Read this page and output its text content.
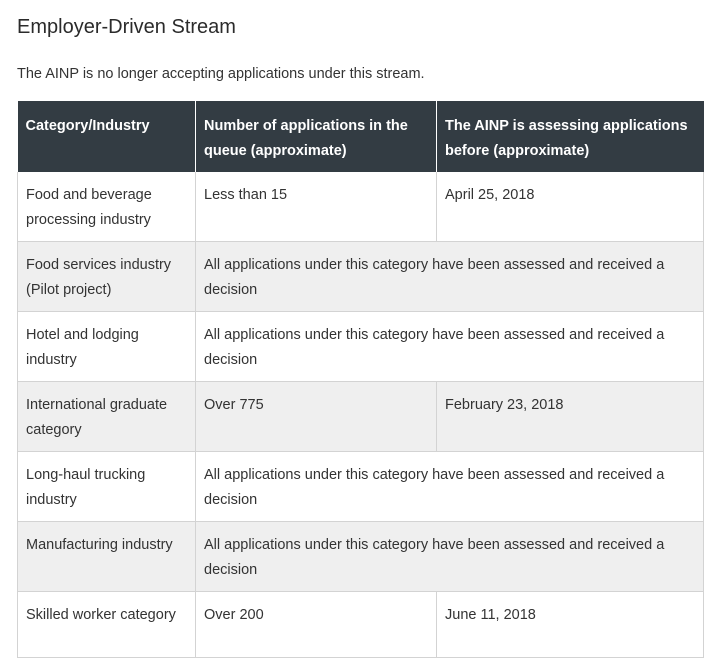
Employer-Driven Stream

The AINP is no longer accepting applications under this stream.

Category/Industry	Number of applications in the queue (approximate)	The AINP is assessing applications before (approximate)
Food and beverage processing industry	Less than 15	April 25, 2018
Food services industry (Pilot project)	All applications under this category have been assessed and received a decision	
Hotel and lodging industry	All applications under this category have been assessed and received a decision	
International graduate category	Over 775	February 23, 2018
Long-haul trucking industry	All applications under this category have been assessed and received a decision	
Manufacturing industry	All applications under this category have been assessed and received a decision	
Skilled worker category	Over 200	June 11, 2018
